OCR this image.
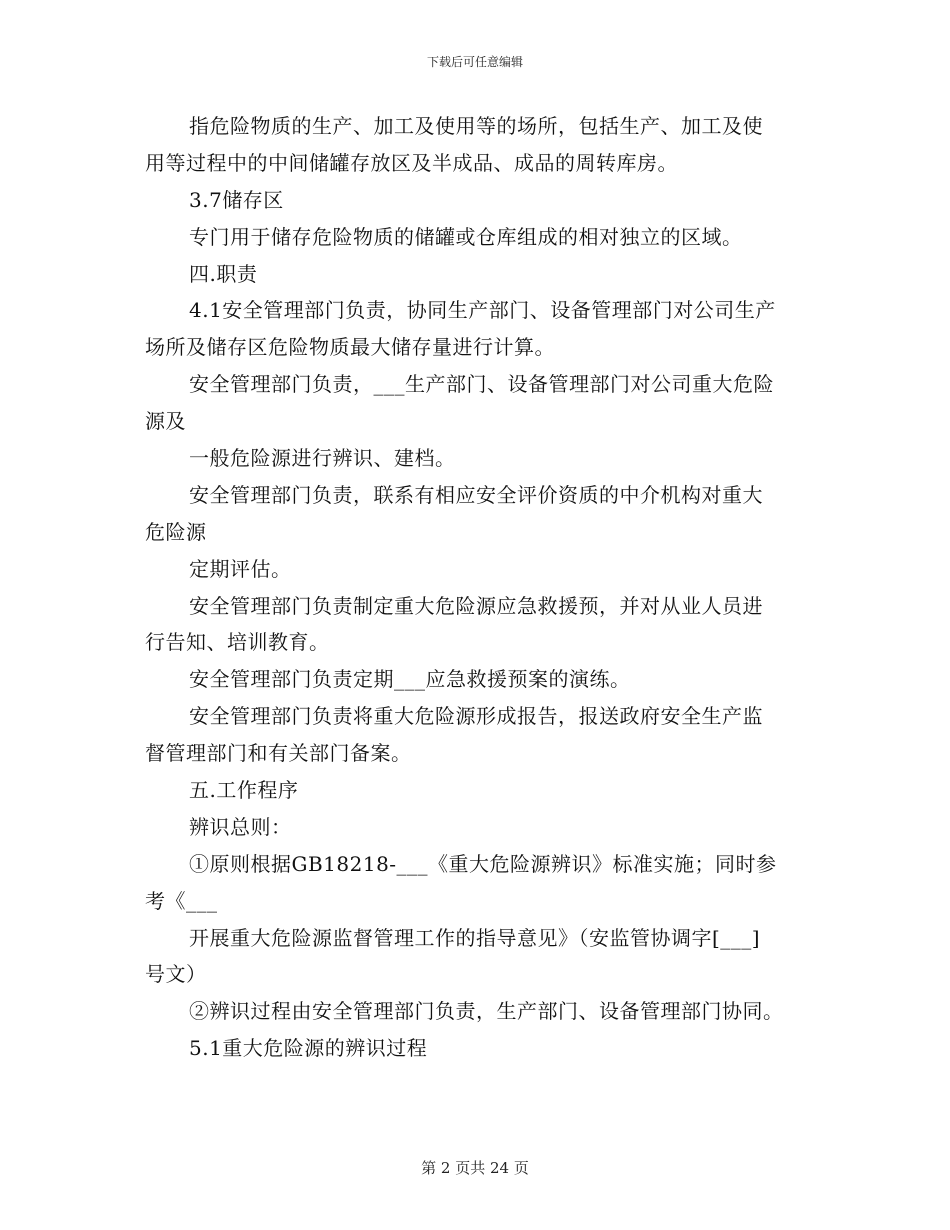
下载后可任意编辑
指危险物质的生产、加工及使用等的场所，包括生产、加工及使
用等过程中的中间储罐存放区及半成品、成品的周转库房。
3.7储存区
专门用于储存危险物质的储罐或仓库组成的相对独立的区域。
四.职责
4.1安全管理部门负责，协同生产部门、设备管理部门对公司生产
场所及储存区危险物质最大储存量进行计算。
安全管理部门负责，___生产部门、设备管理部门对公司重大危险
源及
一般危险源进行辨识、建档。
安全管理部门负责，联系有相应安全评价资质的中介机构对重大
危险源
定期评估。
安全管理部门负责制定重大危险源应急救援预，并对从业人员进
行告知、培训教育。
安全管理部门负责定期___应急救援预案的演练。
安全管理部门负责将重大危险源形成报告，报送政府安全生产监
督管理部门和有关部门备案。
五.工作程序
辨识总则：
①原则根据GB18218-___《重大危险源辨识》标准实施；同时参
考《___
开展重大危险源监督管理工作的指导意见》（安监管协调字[___]
号文）
②辨识过程由安全管理部门负责，生产部门、设备管理部门协同。
5.1重大危险源的辨识过程
第 2 页共 24 页
